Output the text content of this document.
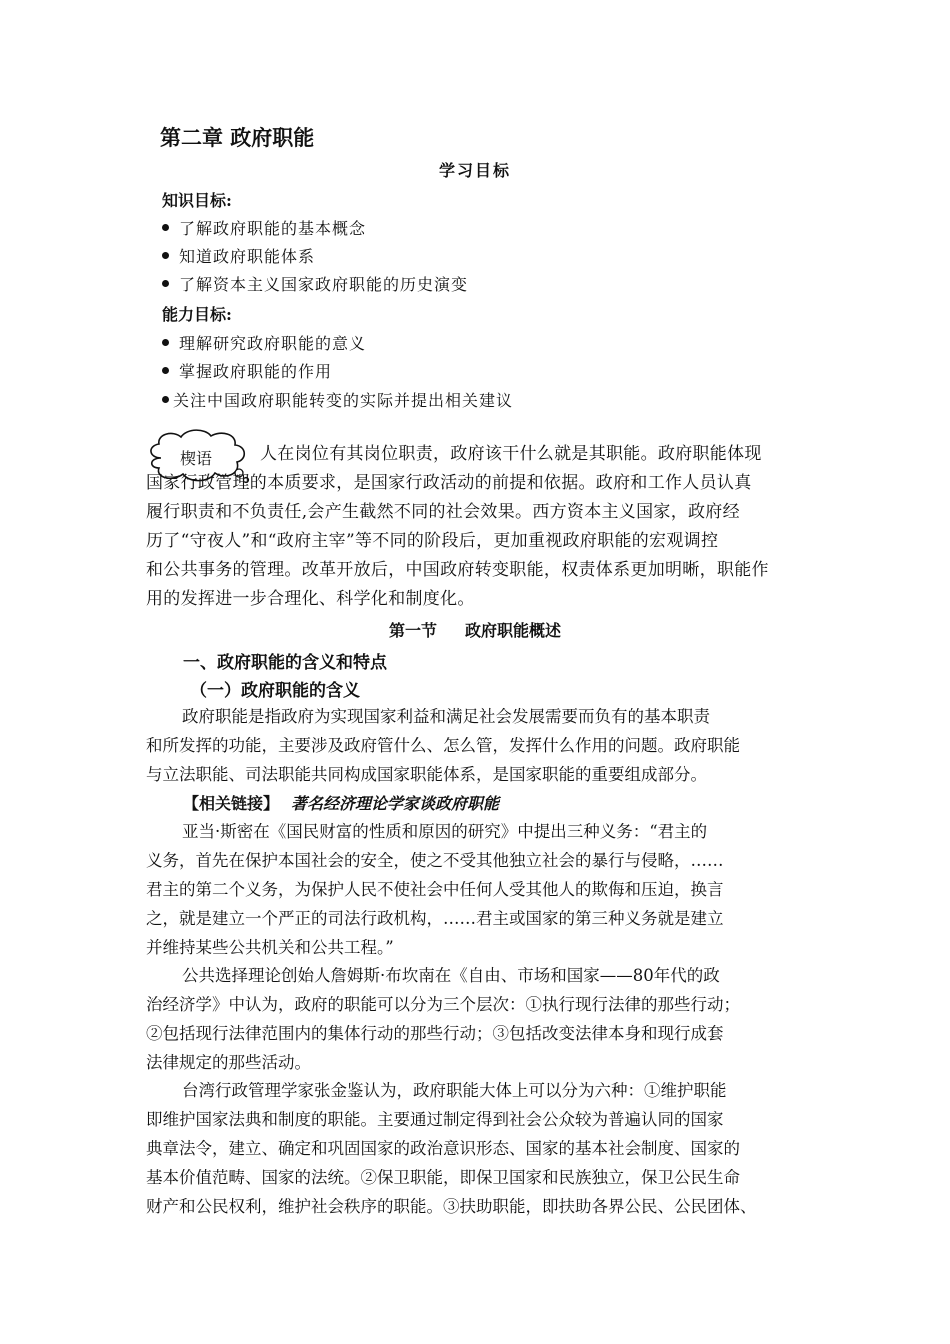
第二章 政府职能
学习目标
知识目标:
了解政府职能的基本概念
知道政府职能体系
了解资本主义国家政府职能的历史演变
能力目标:
理解研究政府职能的意义
掌握政府职能的作用
关注中国政府职能转变的实际并提出相关建议
楔语	人在岗位有其岗位职责，政府该干什么就是其职能。政府职能体现
国家行政管理的本质要求，是国家行政活动的前提和依据。政府和工作人员认真
履行职责和不负责任,会产生截然不同的社会效果。西方资本主义国家，政府经
历了“守夜人”和“政府主宰”等不同的阶段后，更加重视政府职能的宏观调控
和公共事务的管理。改革开放后，中国政府转变职能，权责体系更加明晰，职能作
用的发挥进一步合理化、科学化和制度化。
第一节 政府职能概述
一、政府职能的含义和特点
（一）政府职能的含义
政府职能是指政府为实现国家利益和满足社会发展需要而负有的基本职责
和所发挥的功能，主要涉及政府管什么、怎么管，发挥什么作用的问题。政府职能
与立法职能、司法职能共同构成国家职能体系，是国家职能的重要组成部分。
【相关链接】 著名经济理论学家谈政府职能
亚当·斯密在《国民财富的性质和原因的研究》中提出三种义务：“君主的
义务，首先在保护本国社会的安全，使之不受其他独立社会的暴行与侵略，……
君主的第二个义务，为保护人民不使社会中任何人受其他人的欺侮和压迫，换言
之，就是建立一个严正的司法行政机构，……君主或国家的第三种义务就是建立
并维持某些公共机关和公共工程。”
公共选择理论创始人詹姆斯·布坎南在《自由、市场和国家——80年代的政
治经济学》中认为，政府的职能可以分为三个层次：①执行现行法律的那些行动；
②包括现行法律范围内的集体行动的那些行动；③包括改变法律本身和现行成套
法律规定的那些活动。
台湾行政管理学家张金鉴认为，政府职能大体上可以分为六种：①维护职能
即维护国家法典和制度的职能。主要通过制定得到社会公众较为普遍认同的国家
典章法令，建立、确定和巩固国家的政治意识形态、国家的基本社会制度、国家的
基本价值范畴、国家的法统。②保卫职能，即保卫国家和民族独立，保卫公民生命
财产和公民权利，维护社会秩序的职能。③扶助职能，即扶助各界公民、公民团体、
